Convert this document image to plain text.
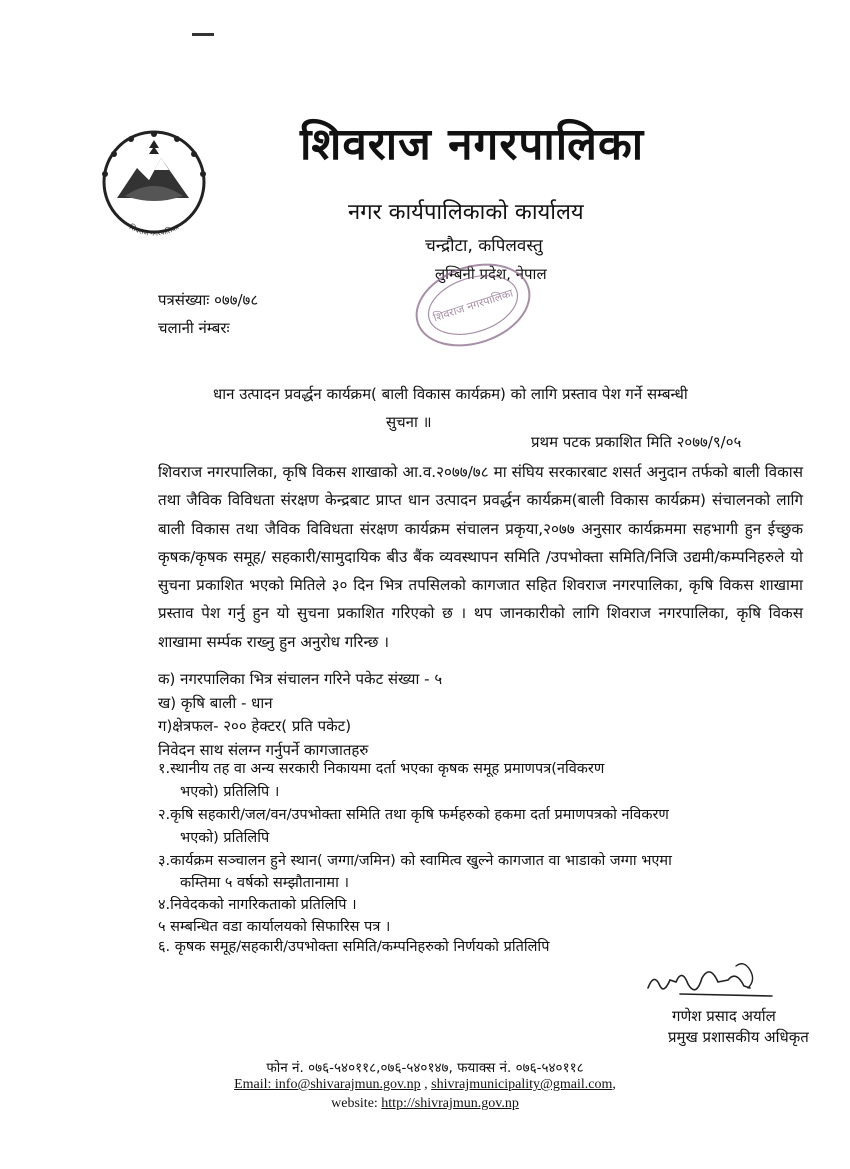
शिवराज नगरपालिका
शिवराज नगरपालिका
नगर कार्यपालिकाको कार्यालय
चन्द्रौटा, कपिलवस्तु
लुम्बिनी प्रदेश, नेपाल
शिवराज नगरपालिका
पत्रसंख्याः ०७७/७८
चलानी नंम्बरः
धान उत्पादन प्रवर्द्धन कार्यक्रम( बाली विकास कार्यक्रम) को लागि प्रस्ताव पेश गर्ने सम्बन्धी
सुचना ॥
प्रथम पटक प्रकाशित मिति २०७७/९/०५
शिवराज नगरपालिका, कृषि विकस शाखाको आ.व.२०७७/७८ मा संघिय सरकारबाट शसर्त अनुदान तर्फको बाली विकास तथा जैविक विविधता संरक्षण केन्द्रबाट प्राप्त धान उत्पादन प्रवर्द्धन कार्यक्रम(बाली विकास कार्यक्रम) संचालनको लागि बाली विकास तथा जैविक विविधता संरक्षण कार्यक्रम संचालन प्रकृया,२०७७ अनुसार कार्यक्रममा सहभागी हुन ईच्छुक कृषक/कृषक समूह/ सहकारी/सामुदायिक बीउ बैंक व्यवस्थापन समिति /उपभोक्ता समिति/निजि उद्यमी/कम्पनिहरुले यो सुचना प्रकाशित भएको मितिले ३० दिन भित्र तपसिलको कागजात सहित शिवराज नगरपालिका, कृषि विकस शाखामा प्रस्ताव पेश गर्नु हुन यो सुचना प्रकाशित गरिएको छ । थप जानकारीको लागि शिवराज नगरपालिका, कृषि विकस शाखामा सर्म्पक राख्नु हुन अनुरोध गरिन्छ ।
क) नगरपालिका भित्र संचालन गरिने पकेट संख्या - ५
ख) कृषि बाली - धान
ग)क्षेत्रफल- २०० हेक्टर( प्रति पकेट)
निवेदन साथ संलग्न गर्नुपर्ने कागजातहरु
१.स्थानीय तह वा अन्य सरकारी निकायमा दर्ता भएका कृषक समूह प्रमाणपत्र(नविकरण
भएको) प्रतिलिपि ।
२.कृषि सहकारी/जल/वन/उपभोक्ता समिति तथा कृषि फर्महरुको हकमा दर्ता प्रमाणपत्रको नविकरण
भएको) प्रतिलिपि
३.कार्यक्रम सञ्चालन हुने स्थान( जग्गा/जमिन) को स्वामित्व खुल्ने कागजात वा भाडाको जग्गा भएमा
कम्तिमा ५ वर्षको सम्झौतानामा ।
४.निवेदकको नागरिकताको प्रतिलिपि ।
५ सम्बन्धित वडा कार्यालयको सिफारिस पत्र ।
६. कृषक समूह/सहकारी/उपभोक्ता समिति/कम्पनिहरुको निर्णयको प्रतिलिपि
गणेश प्रसाद अर्याल
प्रमुख प्रशासकीय अधिकृत
फोन नं. ०७६-५४०११८,०७६-५४०१४७, फयाक्स नं. ०७६-५४०११८
Email: info@shivarajmun.gov.np , shivrajmunicipality@gmail.com,
website: http://shivrajmun.gov.np
